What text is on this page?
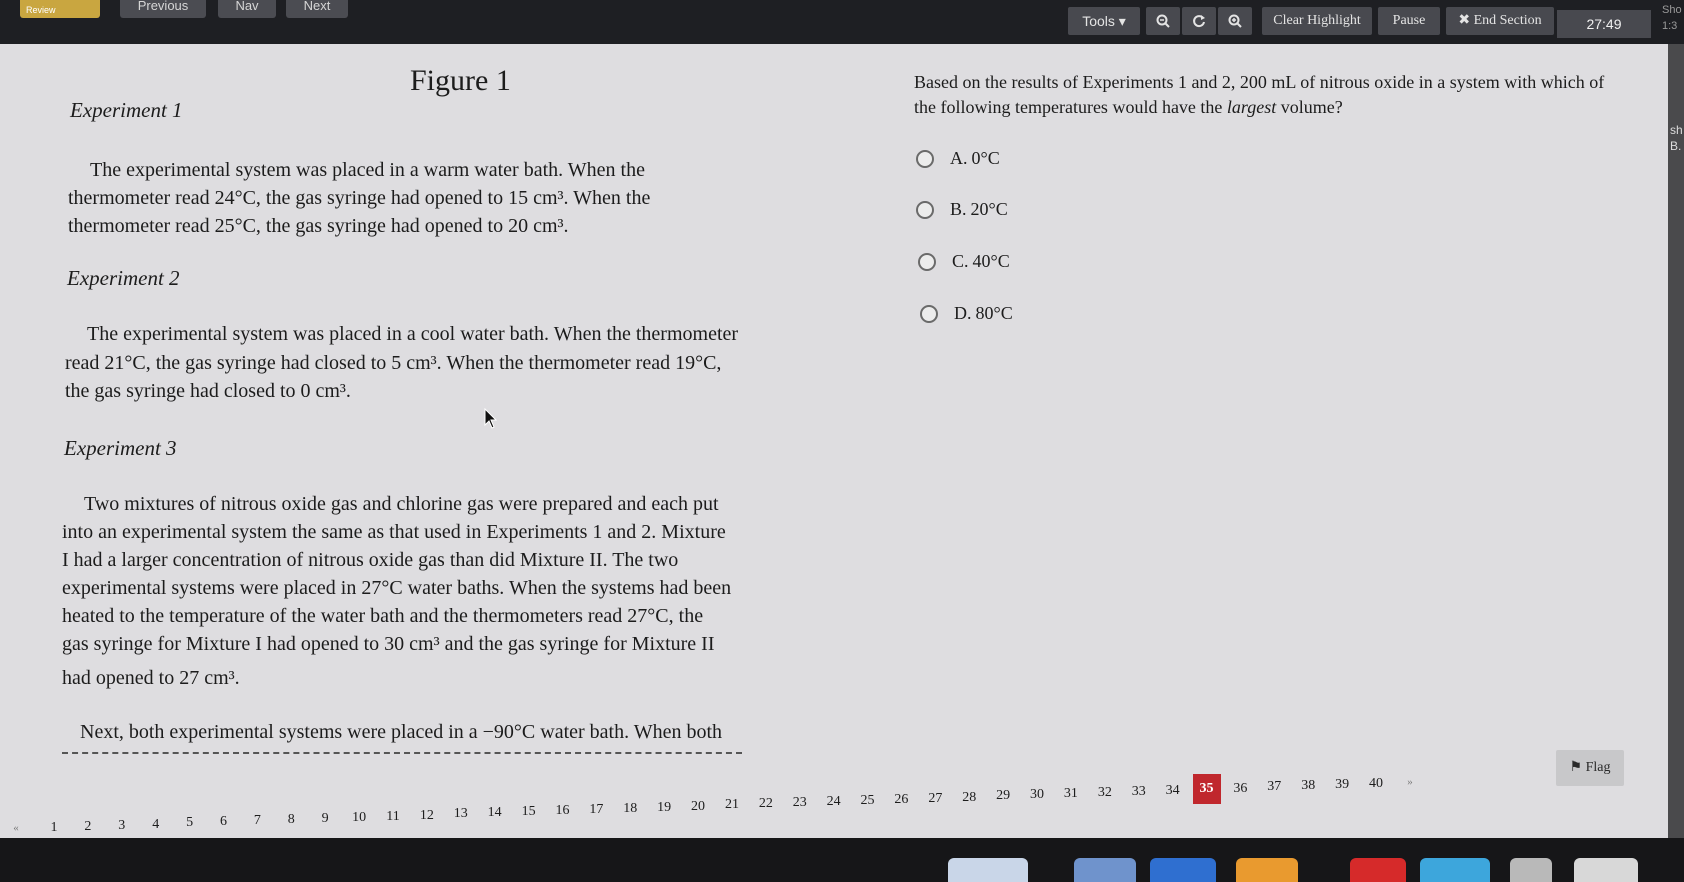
Review	Previous	Nav	Next
Tools ▾	Clear Highlight	Pause	✖ End Section	27:49
Sho
1:3
sh
B.
Figure 1
Experiment 1
The experimental system was placed in a warm water bath. When the
thermometer read 24°C, the gas syringe had opened to 15 cm³. When the
thermometer read 25°C, the gas syringe had opened to 20 cm³.
Experiment 2
The experimental system was placed in a cool water bath. When the thermometer
read 21°C, the gas syringe had closed to 5 cm³. When the thermometer read 19°C,
the gas syringe had closed to 0 cm³.
Experiment 3
Two mixtures of nitrous oxide gas and chlorine gas were prepared and each put
into an experimental system the same as that used in Experiments 1 and 2. Mixture
I had a larger concentration of nitrous oxide gas than did Mixture II. The two
experimental systems were placed in 27°C water baths. When the systems had been
heated to the temperature of the water bath and the thermometers read 27°C, the
gas syringe for Mixture I had opened to 30 cm³ and the gas syringe for Mixture II
had opened to 27 cm³.
Next, both experimental systems were placed in a −90°C water bath. When both
Based on the results of Experiments 1 and 2, 200 mL of nitrous oxide in a system with which of the following temperatures would have the largest volume?
A. 0°C
B. 20°C
C. 40°C
D. 80°C
⚑ Flag
«	1	2	3	4	5	6	7	8	9	10	11	12	13	14	15	16	17	18	19	20	21	22	23	24	25	26	27	28	29	30	31	32	33	34	35	36	37	38	39	40	»
